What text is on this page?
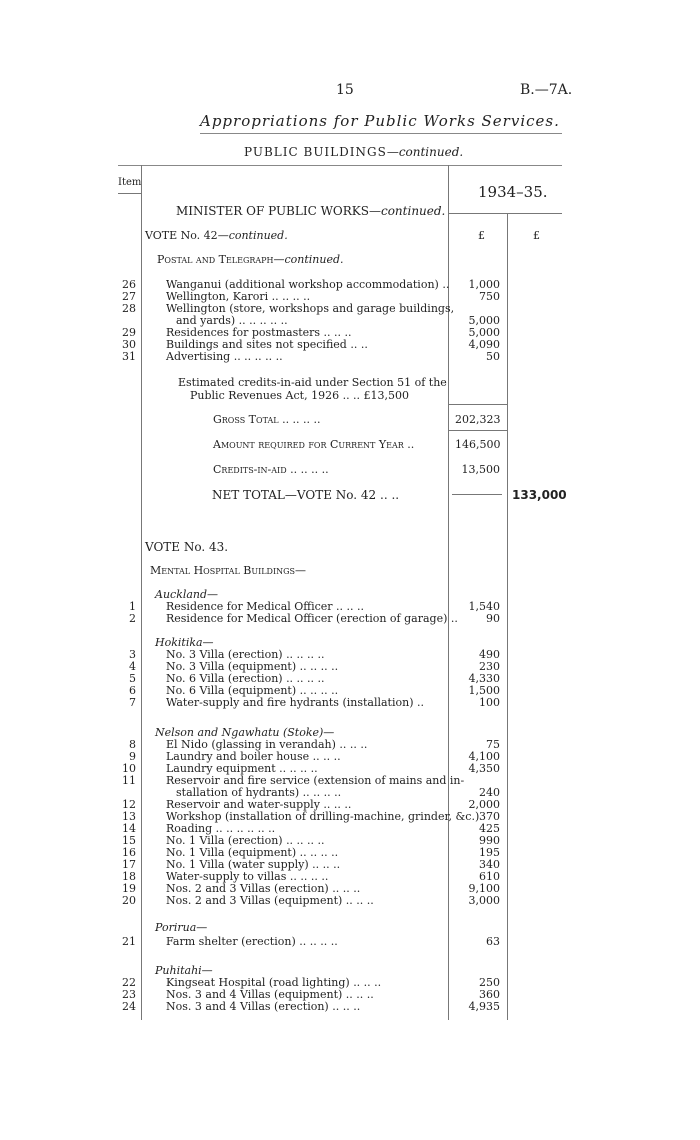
15	B.—7A.
Appropriations for Public Works Services.
PUBLIC BUILDINGS—continued.
Item
1934–35.
MINISTER OF PUBLIC WORKS—continued.
VOTE No. 42—continued.	£	£
Postal and Telegraph—continued.
26	Wanganui (additional workshop accommodation) ..	1,000
27	Wellington, Karori .. .. .. ..	750
28	Wellington (store, workshops and garage buildings,
and yards) .. .. .. .. ..	5,000
29	Residences for postmasters .. .. ..	5,000
30	Buildings and sites not specified .. ..	4,090
31	Advertising .. .. .. .. ..	50
Estimated credits-in-aid under Section 51 of the
Public Revenues Act, 1926 .. .. £13,500
Gross Total .. .. .. ..	202,323
Amount required for Current Year ..	146,500
Credits-in-aid .. .. .. ..	13,500
NET TOTAL—VOTE No. 42 .. ..	133,000
VOTE No. 43.
Mental Hospital Buildings—
Auckland—
1	Residence for Medical Officer .. .. ..	1,540
2	Residence for Medical Officer (erection of garage) ..	90
Hokitika—
3	No. 3 Villa (erection) .. .. .. ..	490
4	No. 3 Villa (equipment) .. .. .. ..	230
5	No. 6 Villa (erection) .. .. .. ..	4,330
6	No. 6 Villa (equipment) .. .. .. ..	1,500
7	Water-supply and fire hydrants (installation) ..	100
Nelson and Ngawhatu (Stoke)—
8	El Nido (glassing in verandah) .. .. ..	75
9	Laundry and boiler house .. .. ..	4,100
10	Laundry equipment .. .. .. ..	4,350
11	Reservoir and fire service (extension of mains and in-
stallation of hydrants) .. .. .. ..	240
12	Reservoir and water-supply .. .. ..	2,000
13	Workshop (installation of drilling-machine, grinder, &c.) 370
14	Roading .. .. .. .. .. ..	425
15	No. 1 Villa (erection) .. .. .. ..	990
16	No. 1 Villa (equipment) .. .. .. ..	195
17	No. 1 Villa (water supply) .. .. ..	340
18	Water-supply to villas .. .. .. ..	610
19	Nos. 2 and 3 Villas (erection) .. .. ..	9,100
20	Nos. 2 and 3 Villas (equipment) .. .. ..	3,000
Porirua—
21	Farm shelter (erection) .. .. .. ..	63
Puhitahi—
22	Kingseat Hospital (road lighting) .. .. ..	250
23	Nos. 3 and 4 Villas (equipment) .. .. ..	360
24	Nos. 3 and 4 Villas (erection) .. .. ..	4,935
